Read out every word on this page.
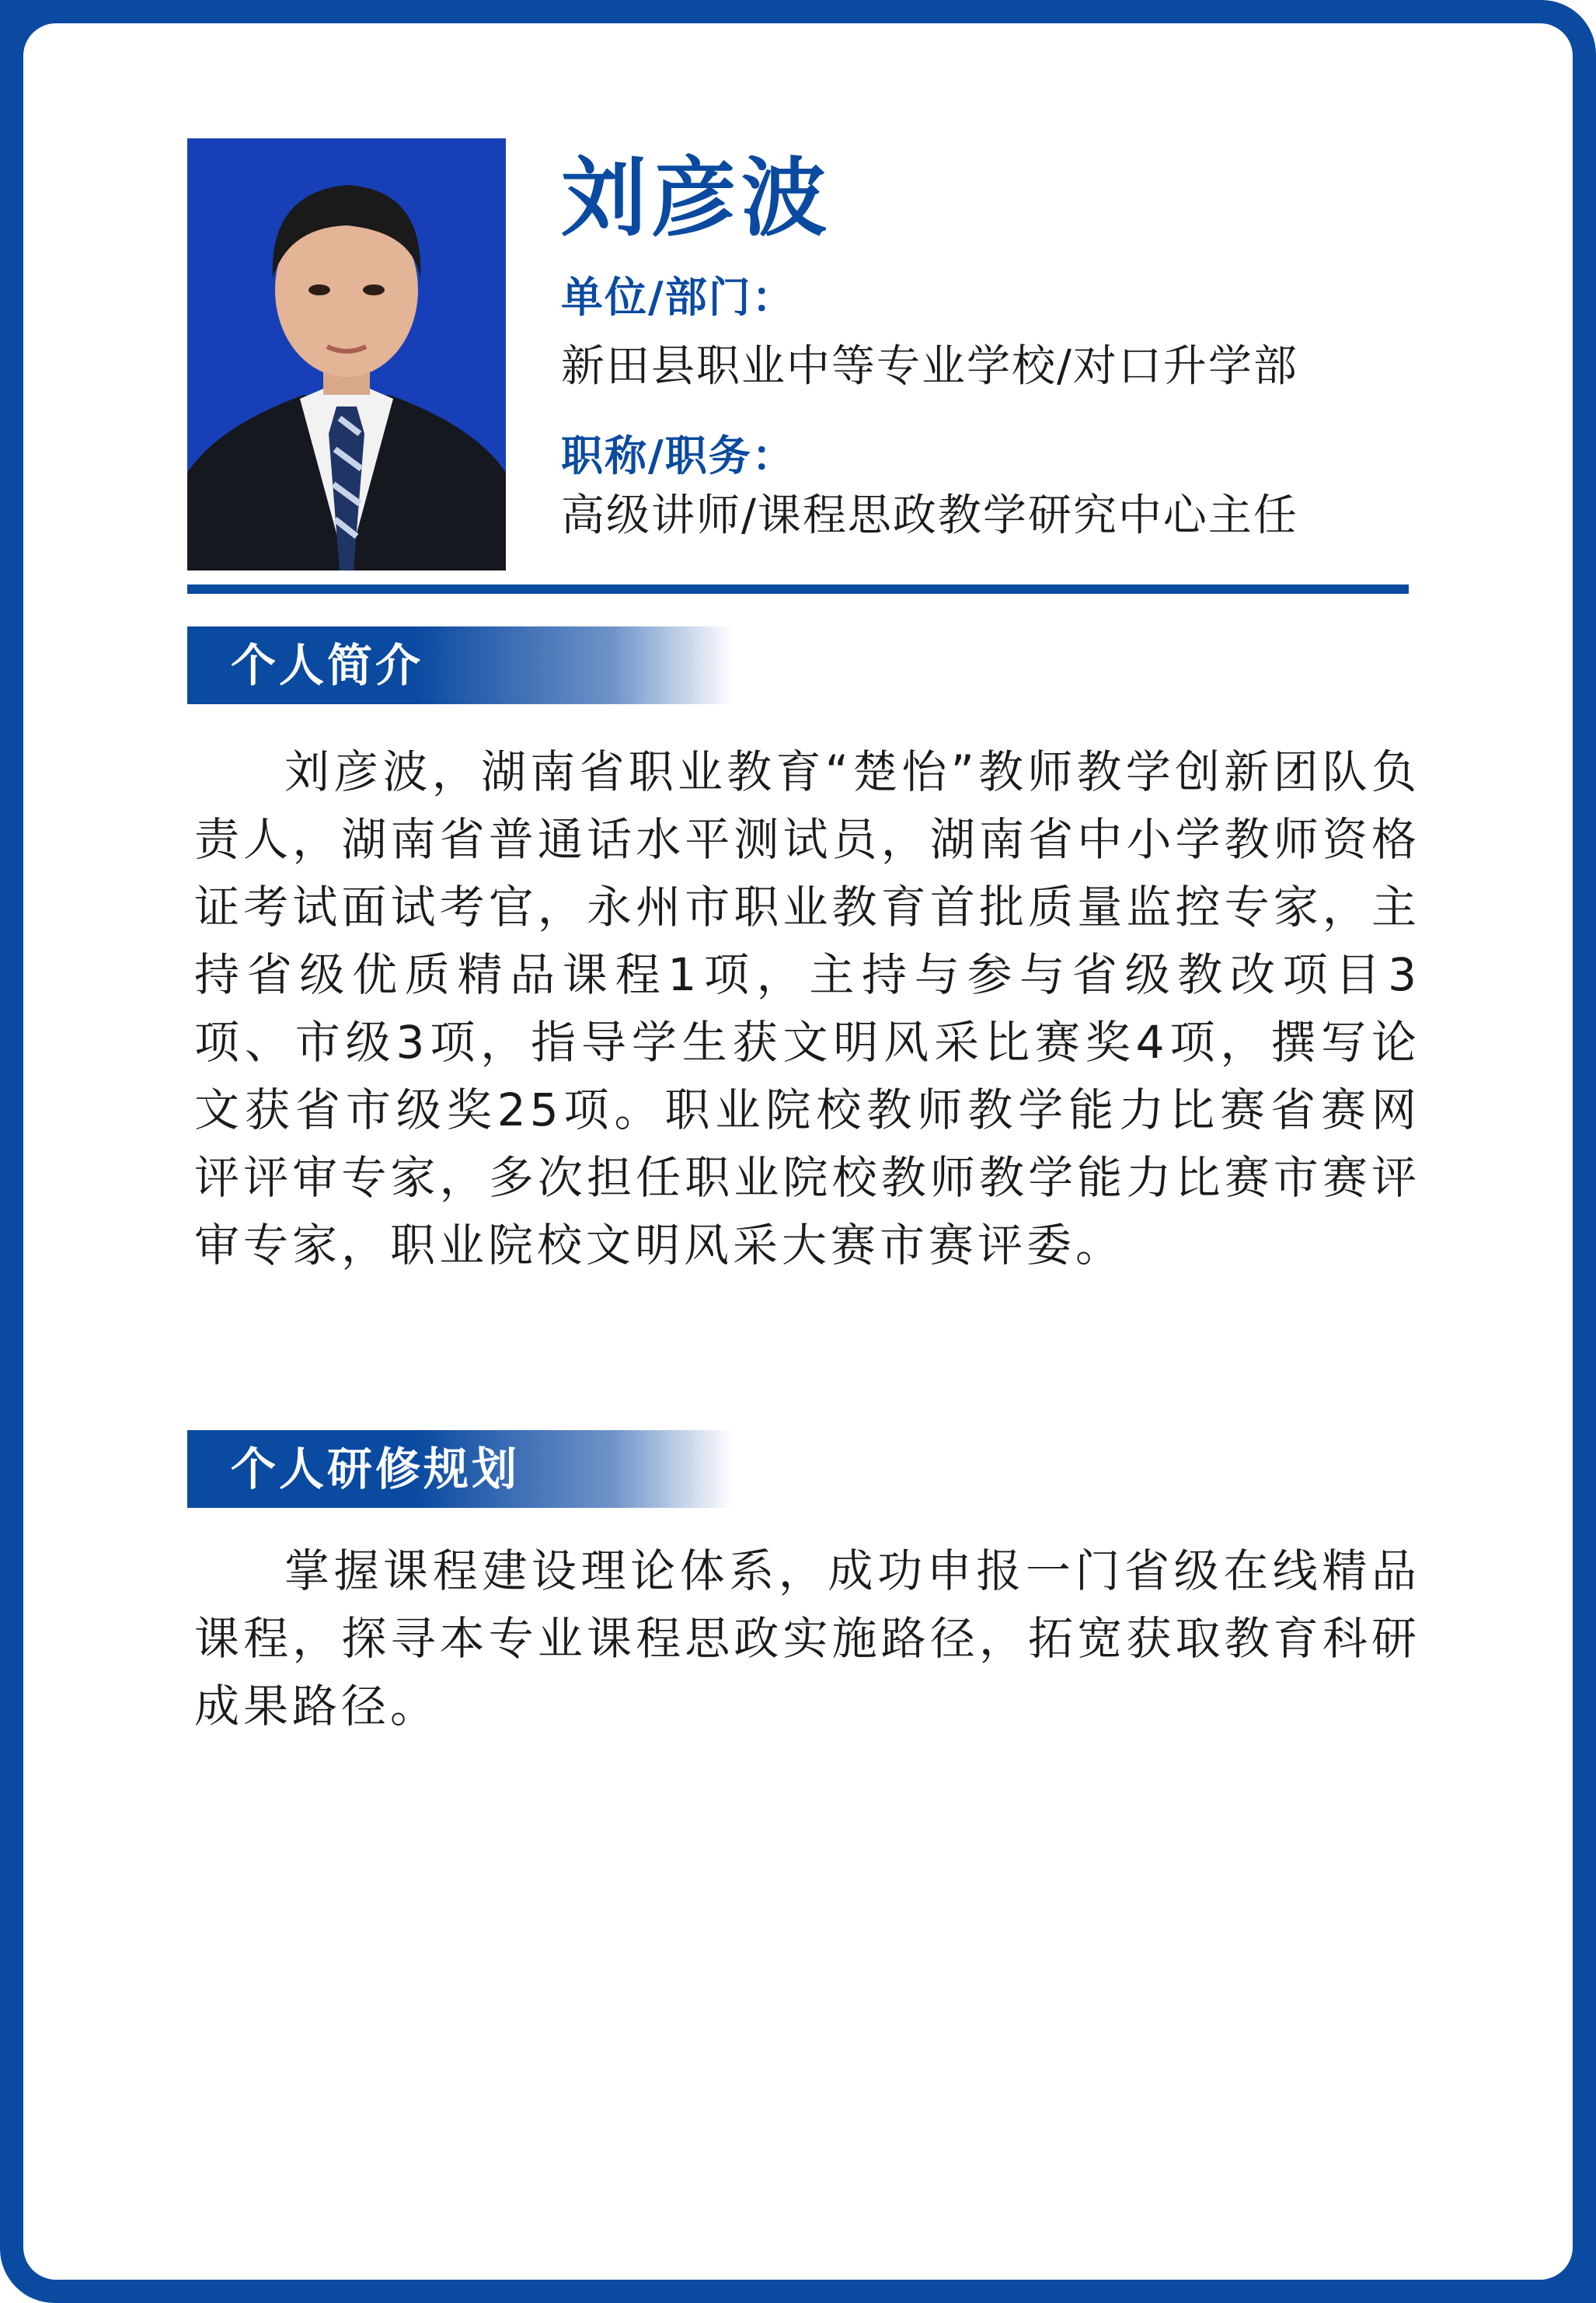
刘彦波
单位/部门：
新田县职业中等专业学校/对口升学部
职称/职务：
高级讲师/课程思政教学研究中心主任
个人简介
刘彦波，湖南省职业教育“楚怡”教师教学创新团队负责人，湖南省普通话水平测试员，湖南省中小学教师资格证考试面试考官，永州市职业教育首批质量监控专家，主持省级优质精品课程1项，主持与参与省级教改项目3项、市级3项，指导学生获文明风采比赛奖4项，撰写论文获省市级奖25项。职业院校教师教学能力比赛省赛网评评审专家，多次担任职业院校教师教学能力比赛市赛评审专家，职业院校文明风采大赛市赛评委。
个人研修规划
掌握课程建设理论体系，成功申报一门省级在线精品课程，探寻本专业课程思政实施路径，拓宽获取教育科研成果路径。
